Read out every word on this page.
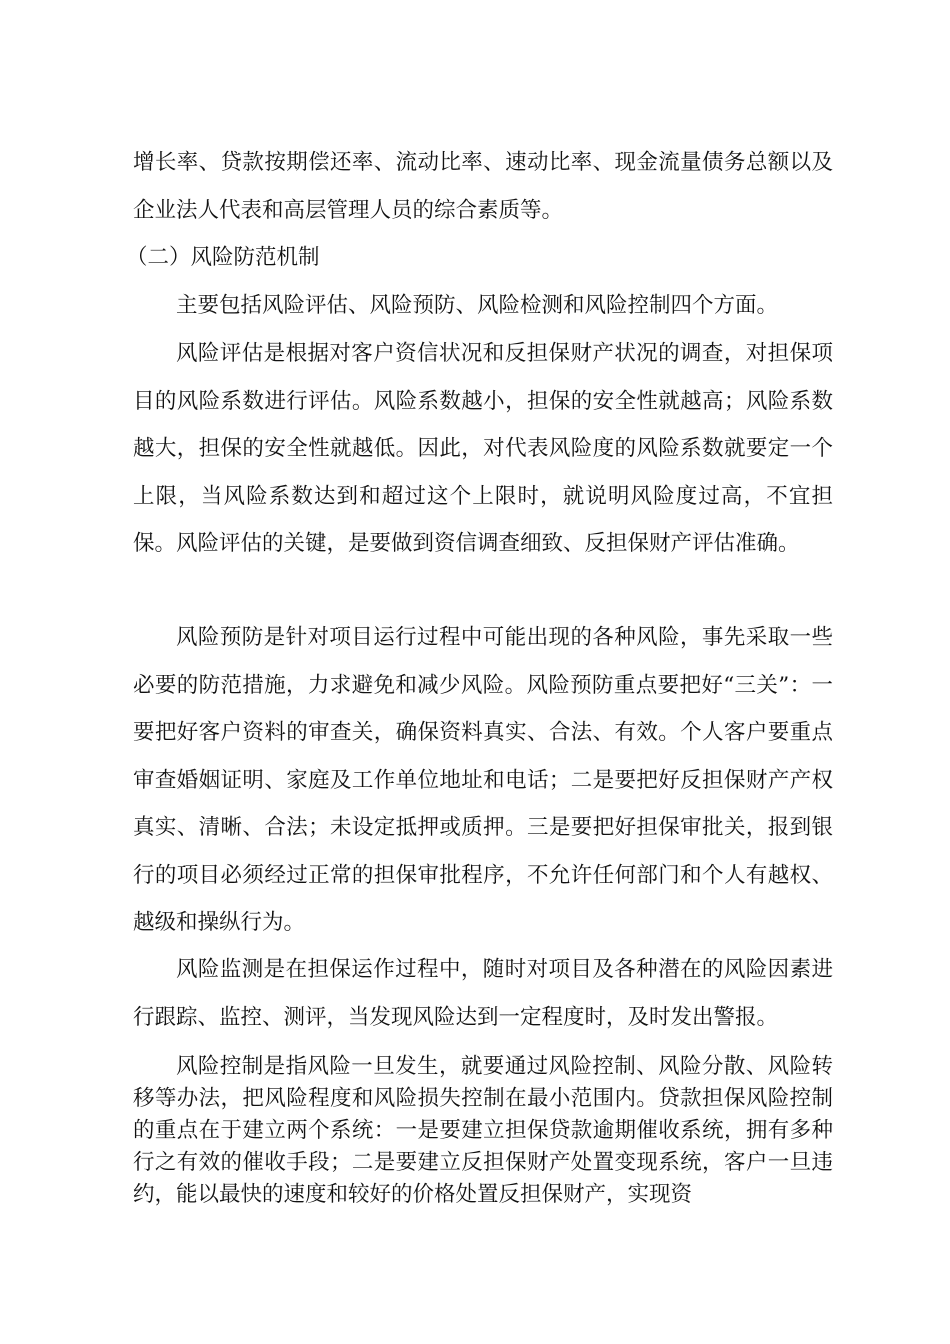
增长率、贷款按期偿还率、流动比率、速动比率、现金流量债务总额以及企业法人代表和高层管理人员的综合素质等。

（二）风险防范机制

主要包括风险评估、风险预防、风险检测和风险控制四个方面。

风险评估是根据对客户资信状况和反担保财产状况的调查，对担保项目的风险系数进行评估。风险系数越小，担保的安全性就越高；风险系数越大，担保的安全性就越低。因此，对代表风险度的风险系数就要定一个上限，当风险系数达到和超过这个上限时，就说明风险度过高，不宜担保。风险评估的关键，是要做到资信调查细致、反担保财产评估准确。

风险预防是针对项目运行过程中可能出现的各种风险，事先采取一些必要的防范措施，力求避免和减少风险。风险预防重点要把好“三关”：一要把好客户资料的审查关，确保资料真实、合法、有效。个人客户要重点审查婚姻证明、家庭及工作单位地址和电话；二是要把好反担保财产产权真实、清晰、合法；未设定抵押或质押。三是要把好担保审批关，报到银行的项目必须经过正常的担保审批程序，不允许任何部门和个人有越权、越级和操纵行为。

风险监测是在担保运作过程中，随时对项目及各种潜在的风险因素进行跟踪、监控、测评，当发现风险达到一定程度时，及时发出警报。

风险控制是指风险一旦发生，就要通过风险控制、风险分散、风险转移等办法，把风险程度和风险损失控制在最小范围内。贷款担保风险控制的重点在于建立两个系统：一是要建立担保贷款逾期催收系统，拥有多种行之有效的催收手段；二是要建立反担保财产处置变现系统，客户一旦违约，能以最快的速度和较好的价格处置反担保财产，实现资
